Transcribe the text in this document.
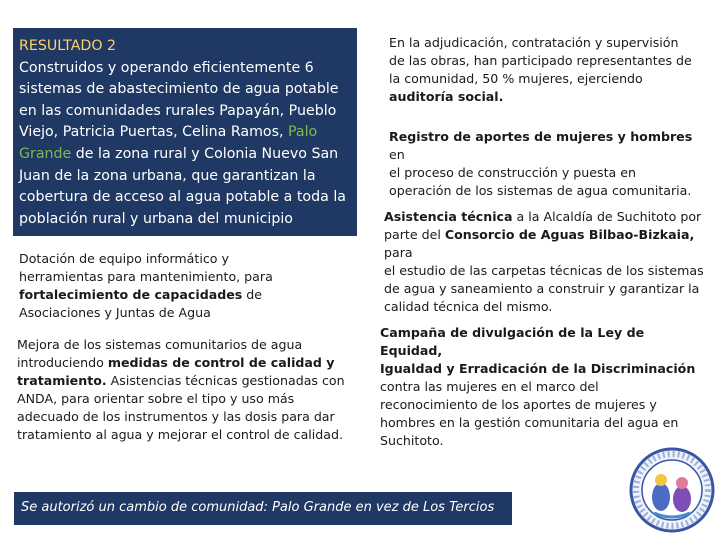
RESULTADO 2
Construidos y operando eficientemente 6
sistemas de abastecimiento de agua potable
en las comunidades rurales Papayán, Pueblo
Viejo, Patricia Puertas, Celina Ramos, Palo
Grande de la zona rural y Colonia Nuevo San
Juan de la zona urbana, que garantizan la
cobertura de acceso al agua potable a toda la
población rural y urbana del municipio
Dotación de equipo informático y
herramientas para mantenimiento, para
fortalecimiento de capacidades de
Asociaciones y Juntas de Agua
Mejora de los sistemas comunitarios de agua
introduciendo medidas de control de calidad y
tratamiento. Asistencias técnicas gestionadas con
ANDA, para orientar sobre el tipo y uso más
adecuado de los instrumentos y las dosis para dar
tratamiento al agua y mejorar el control de calidad.
En la adjudicación, contratación y supervisión
de las obras, han participado representantes de
la comunidad, 50 % mujeres, ejerciendo
auditoría social.
Registro de aportes de mujeres y hombres en
el proceso de construcción y puesta en
operación de los sistemas de agua comunitaria.
Asistencia técnica a la Alcaldía de Suchitoto por
parte del Consorcio de Aguas Bilbao-Bizkaia, para
el estudio de las carpetas técnicas de los sistemas
de agua y saneamiento a construir y garantizar la
calidad técnica del mismo.
Campaña de divulgación de la Ley de Equidad,
Igualdad y Erradicación de la Discriminación
contra las mujeres en el marco del
reconocimiento de los aportes de mujeres y
hombres en la gestión comunitaria del agua en
Suchitoto.
Se autorizó un cambio de comunidad: Palo Grande en vez de Los Tercios
